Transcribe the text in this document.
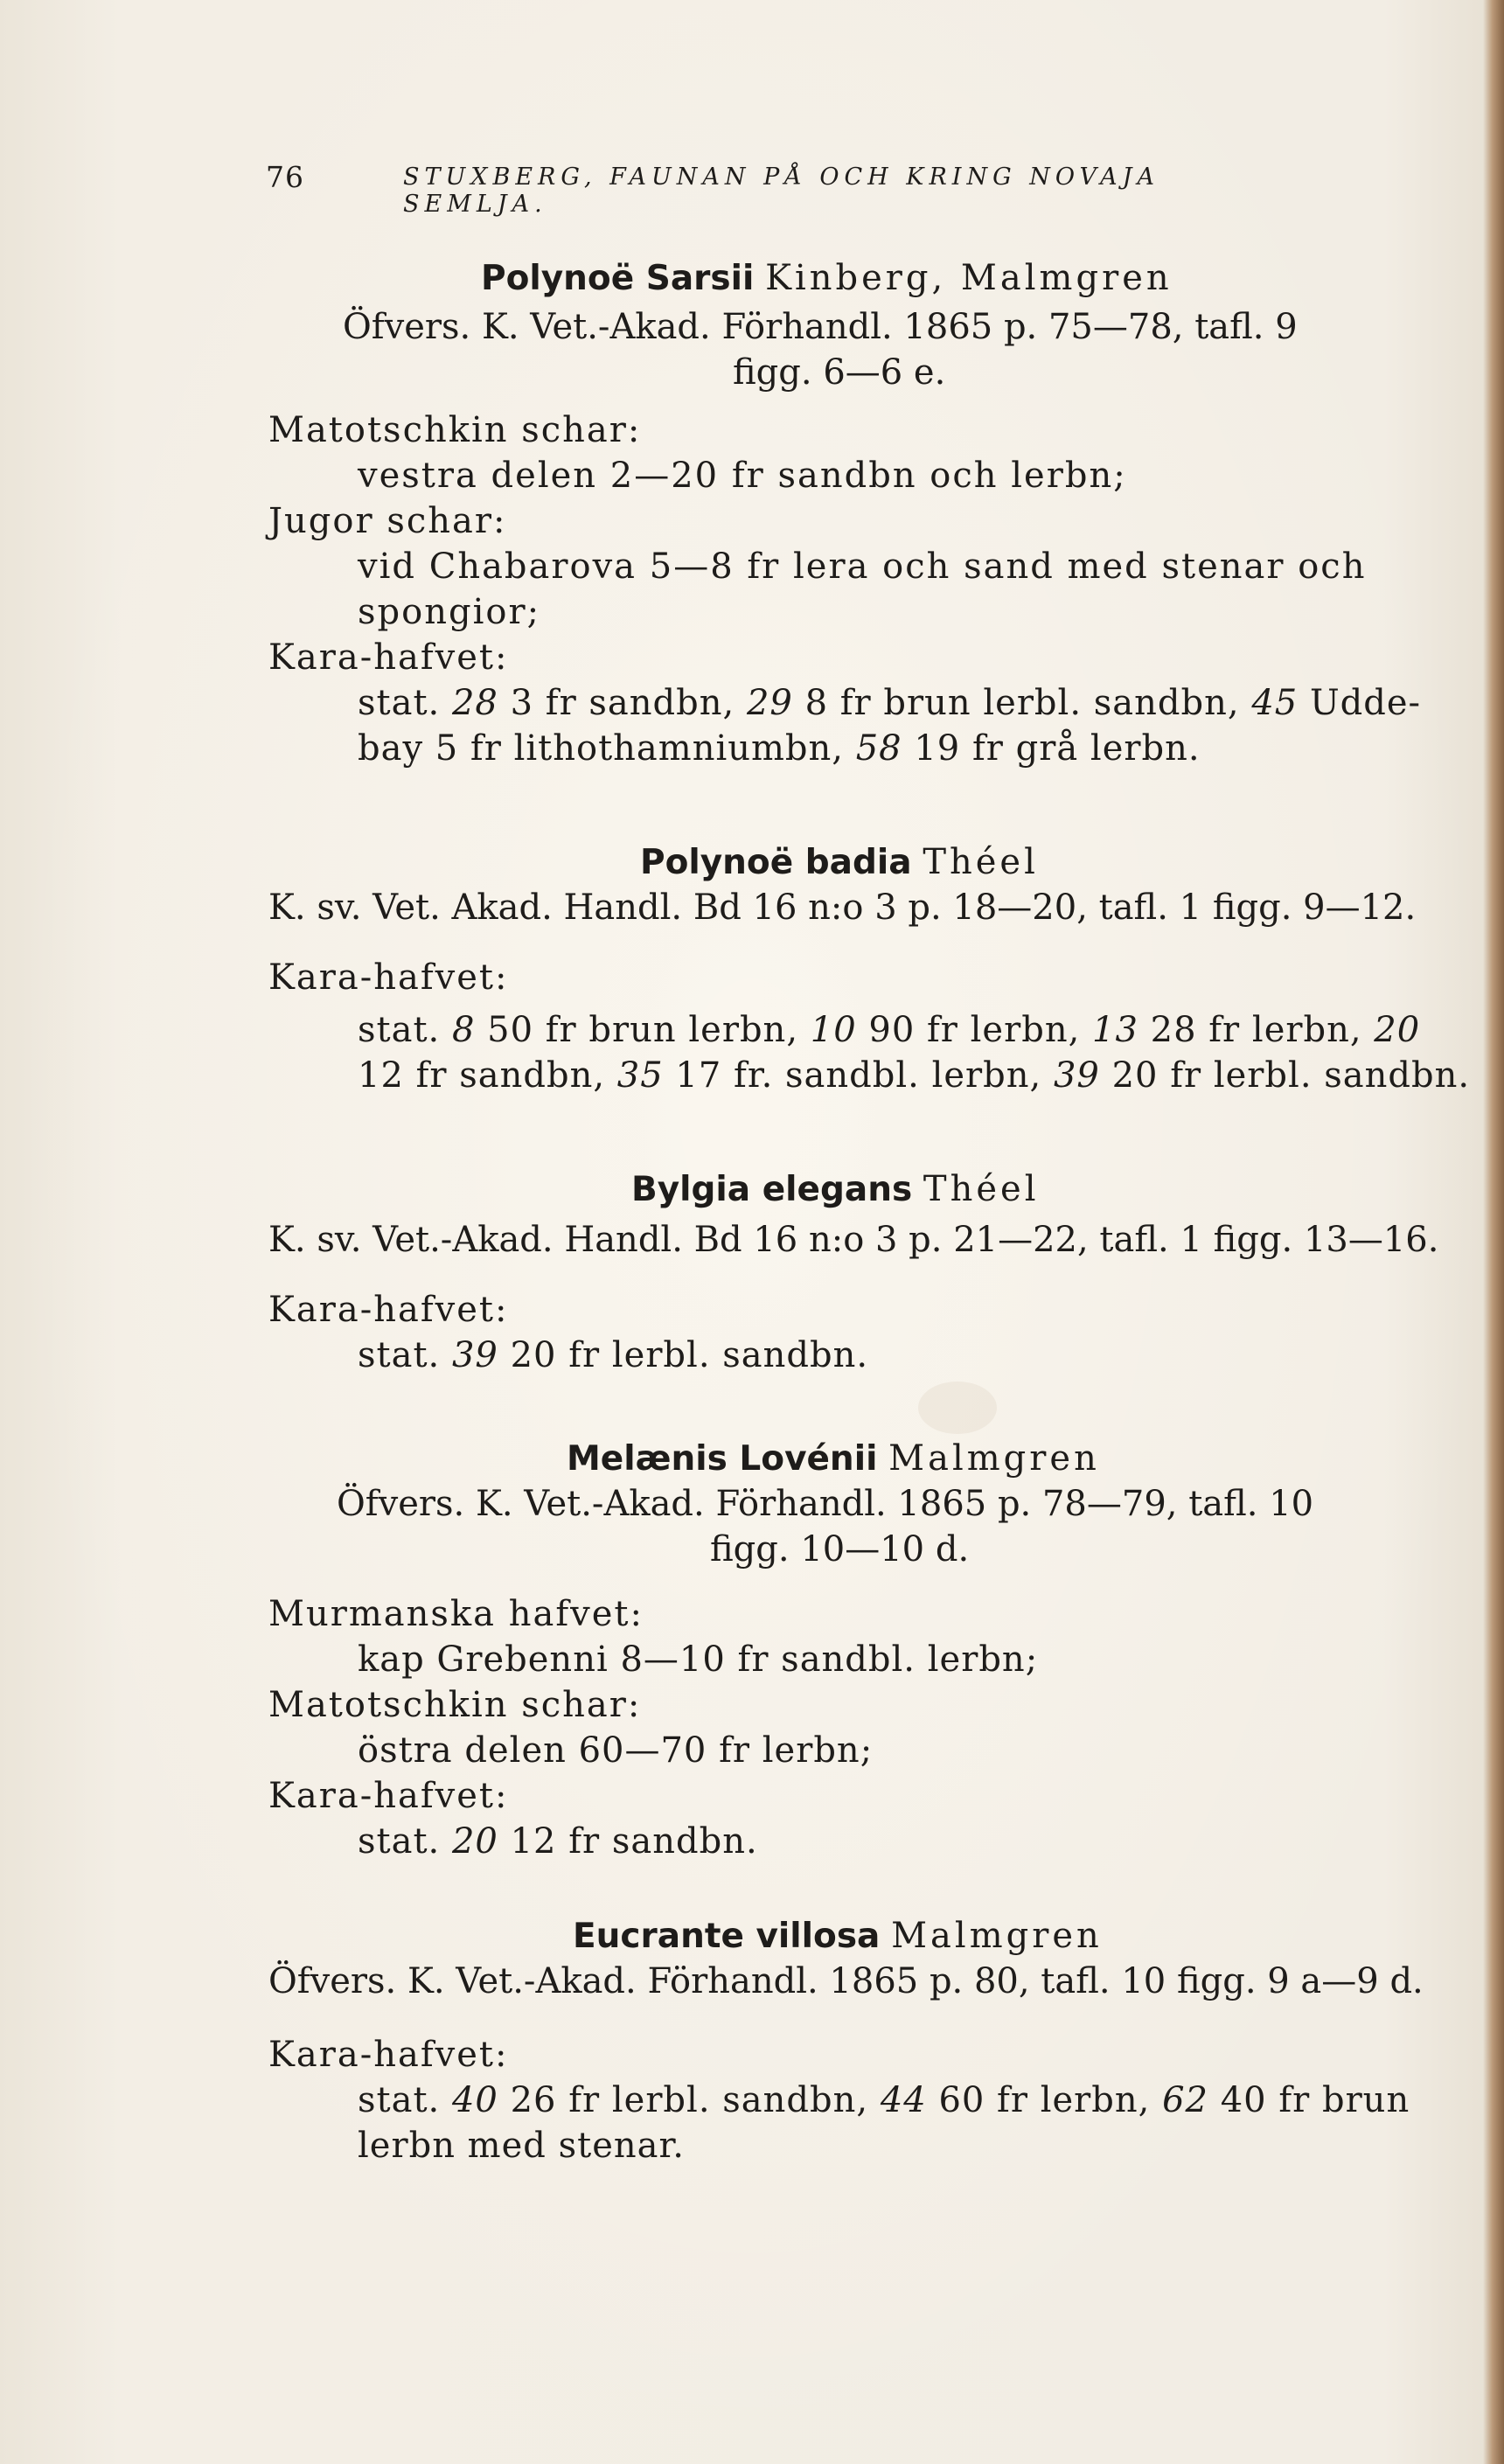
76	STUXBERG, FAUNAN PÅ OCH KRING NOVAJA SEMLJA.
Polynoë Sarsii Kinberg, Malmgren
Öfvers. K. Vet.-Akad. Förhandl. 1865 p. 75—78, tafl. 9
figg. 6—6 e.
Matotschkin schar:
vestra delen 2—20 fr sandbn och lerbn;
Jugor schar:
vid Chabarova 5—8 fr lera och sand med stenar och
spongior;
Kara-hafvet:
stat. 28 3 fr sandbn, 29 8 fr brun lerbl. sandbn, 45 Udde-
bay 5 fr lithothamniumbn, 58 19 fr grå lerbn.
Polynoë badia Théel
K. sv. Vet. Akad. Handl. Bd 16 n:o 3 p. 18—20, tafl. 1 figg. 9—12.
Kara-hafvet:
stat. 8 50 fr brun lerbn, 10 90 fr lerbn, 13 28 fr lerbn, 20
12 fr sandbn, 35 17 fr. sandbl. lerbn, 39 20 fr lerbl. sandbn.
Bylgia elegans Théel
K. sv. Vet.-Akad. Handl. Bd 16 n:o 3 p. 21—22, tafl. 1 figg. 13—16.
Kara-hafvet:
stat. 39 20 fr lerbl. sandbn.
Melænis Lovénii Malmgren
Öfvers. K. Vet.-Akad. Förhandl. 1865 p. 78—79, tafl. 10
figg. 10—10 d.
Murmanska hafvet:
kap Grebenni 8—10 fr sandbl. lerbn;
Matotschkin schar:
östra delen 60—70 fr lerbn;
Kara-hafvet:
stat. 20 12 fr sandbn.
Eucrante villosa Malmgren
Öfvers. K. Vet.-Akad. Förhandl. 1865 p. 80, tafl. 10 figg. 9 a—9 d.
Kara-hafvet:
stat. 40 26 fr lerbl. sandbn, 44 60 fr lerbn, 62 40 fr brun
lerbn med stenar.
